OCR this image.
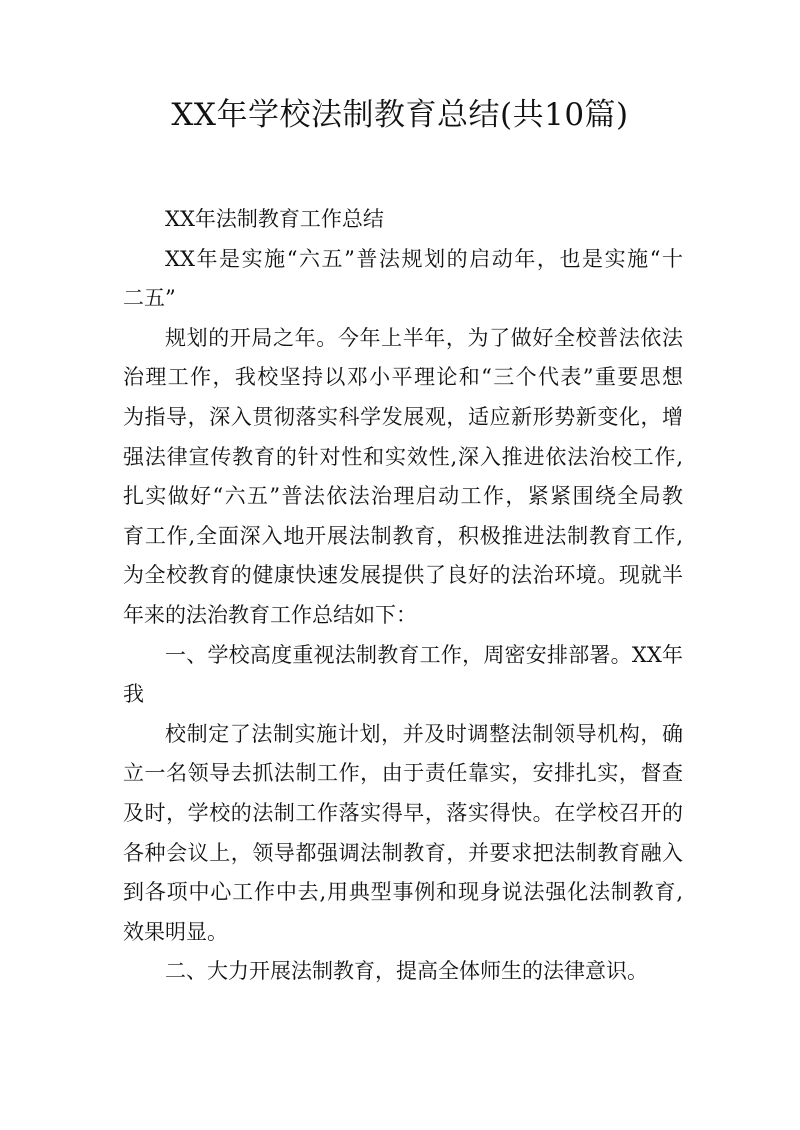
XX年学校法制教育总结(共10篇)
XX年法制教育工作总结
XX年是实施“六五”普法规划的启动年，也是实施“十
二五”
规划的开局之年。今年上半年，为了做好全校普法依法
治理工作，我校坚持以邓小平理论和“三个代表”重要思想
为指导，深入贯彻落实科学发展观，适应新形势新变化，增
强法律宣传教育的针对性和实效性,深入推进依法治校工作,
扎实做好“六五”普法依法治理启动工作，紧紧围绕全局教
育工作,全面深入地开展法制教育，积极推进法制教育工作,
为全校教育的健康快速发展提供了良好的法治环境。现就半
年来的法治教育工作总结如下：
一、学校高度重视法制教育工作，周密安排部署。XX年
我
校制定了法制实施计划，并及时调整法制领导机构，确
立一名领导去抓法制工作，由于责任靠实，安排扎实，督查
及时，学校的法制工作落实得早，落实得快。在学校召开的
各种会议上，领导都强调法制教育，并要求把法制教育融入
到各项中心工作中去,用典型事例和现身说法强化法制教育,
效果明显。
二、大力开展法制教育，提高全体师生的法律意识。
